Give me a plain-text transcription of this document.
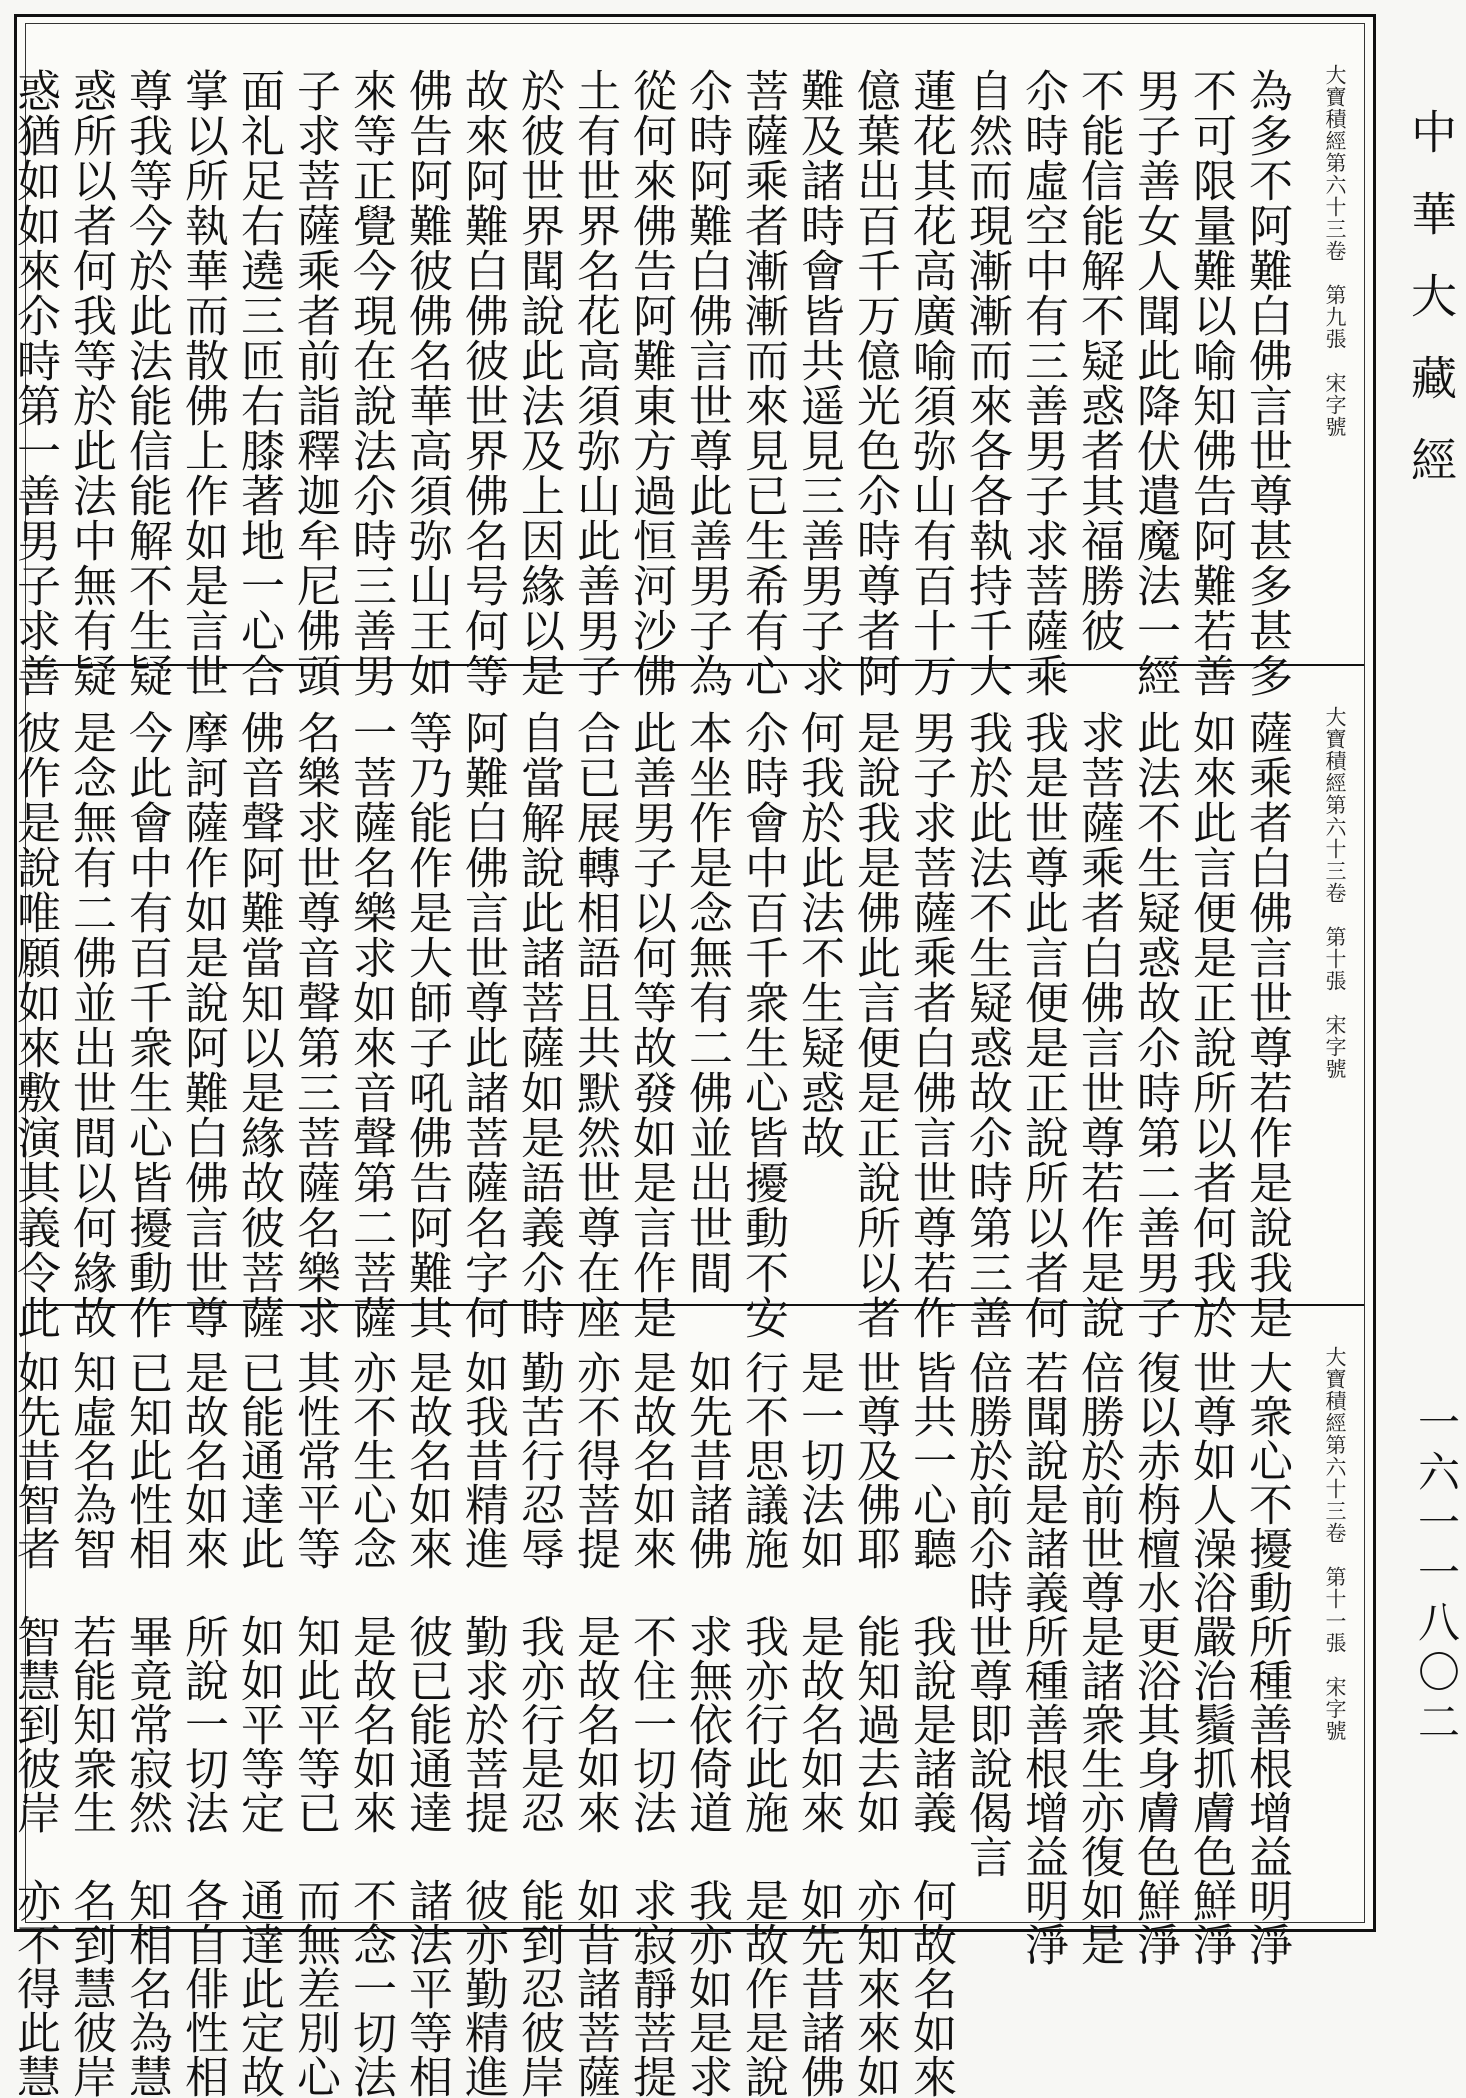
大寶積經第六十三卷　第九張　宋字號
為多不阿難白佛言世尊甚多甚多
不可限量難以喻知佛告阿難若善
男子善女人聞此降伏遣魔法一經
不能信能解不疑惑者其福勝彼
尒時虛空中有三善男子求菩薩乘
自然而現漸漸而來各各執持千大
蓮花其花高廣喻須弥山有百十万
億葉出百千万億光色尒時尊者阿
難及諸時會皆共遥見三善男子求
菩薩乘者漸漸而來見已生希有心
尒時阿難白佛言世尊此善男子為
從何來佛告阿難東方過恒河沙佛
土有世界名花高須弥山此善男子
於彼世界聞說此法及上因緣以是
故來阿難白佛彼世界佛名号何等
佛告阿難彼佛名華高須弥山王如
來等正覺今現在說法尒時三善男
子求菩薩乘者前詣釋迦牟尼佛頭
面礼足右遶三匝右膝著地一心合
掌以所執華而散佛上作如是言世
尊我等今於此法能信能解不生疑
惑所以者何我等於此法中無有疑
惑猶如如來尒時第一善男子求善
大寶積經第六十三卷　第十張　宋字號
薩乘者白佛言世尊若作是說我是
如來此言便是正說所以者何我於
此法不生疑惑故尒時第二善男子
求菩薩乘者白佛言世尊若作是說
我是世尊此言便是正說所以者何
我於此法不生疑惑故尒時第三善
男子求菩薩乘者白佛言世尊若作
是說我是佛此言便是正說所以者
何我於此法不生疑惑故
尒時會中百千衆生心皆擾動不安
本坐作是念無有二佛並出世間
此善男子以何等故發如是言作是
合已展轉相語且共默然世尊在座
自當解說此諸菩薩如是語義尒時
阿難白佛言世尊此諸菩薩名字何
等乃能作是大師子吼佛告阿難其
一菩薩名樂求如來音聲第二菩薩
名樂求世尊音聲第三菩薩名樂求
佛音聲阿難當知以是緣故彼菩薩
摩訶薩作如是說阿難白佛言世尊
今此會中有百千衆生心皆擾動作
是念無有二佛並出世間以何緣故
彼作是說唯願如來敷演其義令此
大寶積經第六十三卷　第十一張　宋字號
大衆心不擾動所種善根增益明淨
世尊如人澡浴嚴治鬚抓膚色鮮淨
復以赤栴檀水更浴其身膚色鮮淨
倍勝於前世尊是諸衆生亦復如是
若聞說是諸義所種善根增益明淨
倍勝於前尒時世尊即說偈言
皆共一心聽　我說是諸義　何故名如來
世尊及佛耶　能知過去如　亦知來來如
是一切法如　是故名如來　如先昔諸佛
行不思議施　我亦行此施　是故作是說
如先昔諸佛　求無依倚道　我亦如是求
是故名如來　不住一切法　求寂靜菩提
亦不得菩提　是故名如來　如昔諸菩薩
勤苦行忍辱　我亦行是忍　能到忍彼岸
如我昔精進　勤求於菩提　彼亦勤精進
是故名如來　彼已能通達　諸法平等相
亦不生心念　是故名如來　不念一切法
其性常平等　知此平等已　而無差別心
已能通達此　如如平等定　通達此定故
是故名如來　所說一切法　各自俳性相
已知此性相　畢竟常寂然　知相名為慧
知虛名為智　若能知衆生　名到慧彼岸
如先昔智者　智慧到彼岸　亦不得此慧
中華大藏經
一六一一八〇二
